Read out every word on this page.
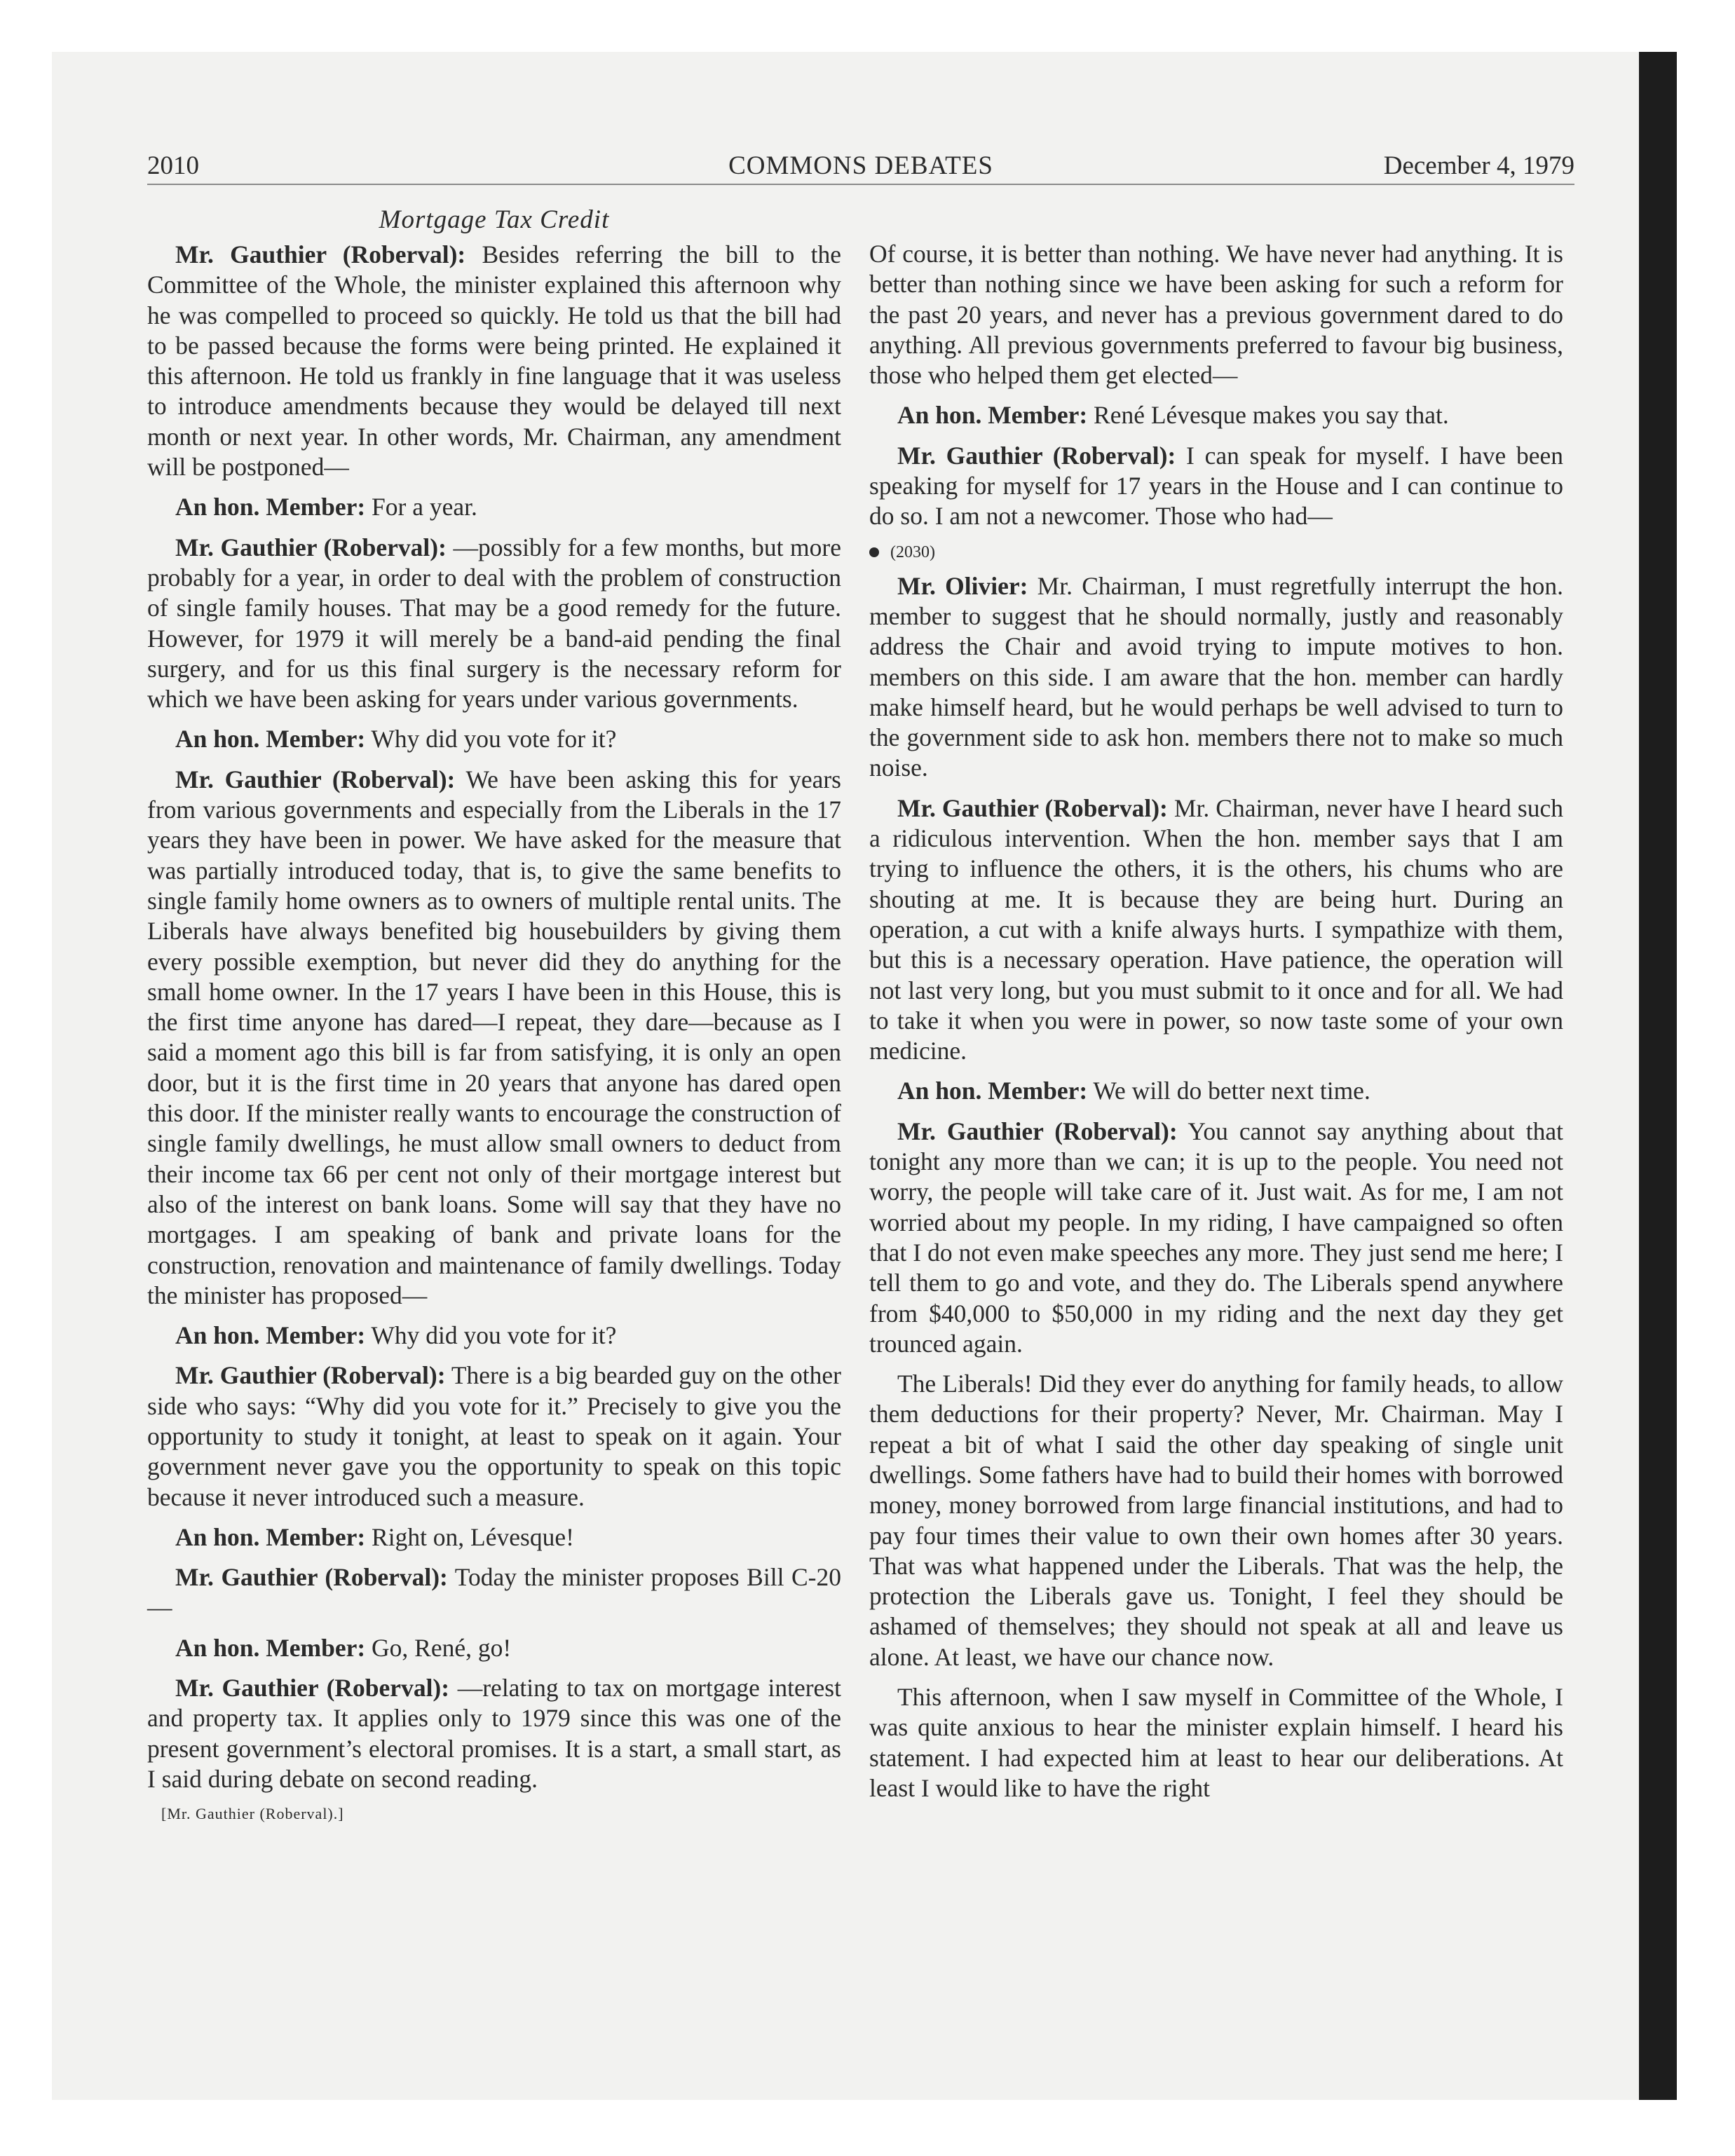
2010	COMMONS DEBATES	December 4, 1979
Mortgage Tax Credit

Mr. Gauthier (Roberval): Besides referring the bill to the Committee of the Whole, the minister explained this afternoon why he was compelled to proceed so quickly. He told us that the bill had to be passed because the forms were being printed. He explained it this afternoon. He told us frankly in fine language that it was useless to introduce amendments because they would be delayed till next month or next year. In other words, Mr. Chairman, any amendment will be postponed—

An hon. Member: For a year.

Mr. Gauthier (Roberval): —possibly for a few months, but more probably for a year, in order to deal with the problem of construction of single family houses. That may be a good remedy for the future. However, for 1979 it will merely be a band-aid pending the final surgery, and for us this final surgery is the necessary reform for which we have been asking for years under various governments.

An hon. Member: Why did you vote for it?

Mr. Gauthier (Roberval): We have been asking this for years from various governments and especially from the Liberals in the 17 years they have been in power. We have asked for the measure that was partially introduced today, that is, to give the same benefits to single family home owners as to owners of multiple rental units. The Liberals have always benefited big housebuilders by giving them every possible exemption, but never did they do anything for the small home owner. In the 17 years I have been in this House, this is the first time anyone has dared—I repeat, they dare—because as I said a moment ago this bill is far from satisfying, it is only an open door, but it is the first time in 20 years that anyone has dared open this door. If the minister really wants to encourage the construction of single family dwellings, he must allow small owners to deduct from their income tax 66 per cent not only of their mortgage interest but also of the interest on bank loans. Some will say that they have no mortgages. I am speaking of bank and private loans for the construction, renovation and maintenance of family dwellings. Today the minister has proposed—

An hon. Member: Why did you vote for it?

Mr. Gauthier (Roberval): There is a big bearded guy on the other side who says: “Why did you vote for it.” Precisely to give you the opportunity to study it tonight, at least to speak on it again. Your government never gave you the opportunity to speak on this topic because it never introduced such a measure.

An hon. Member: Right on, Lévesque!

Mr. Gauthier (Roberval): Today the minister proposes Bill C-20—

An hon. Member: Go, René, go!

Mr. Gauthier (Roberval): —relating to tax on mortgage interest and property tax. It applies only to 1979 since this was one of the present government’s electoral promises. It is a start, a small start, as I said during debate on second reading.

[Mr. Gauthier (Roberval).]

Of course, it is better than nothing. We have never had anything. It is better than nothing since we have been asking for such a reform for the past 20 years, and never has a previous government dared to do anything. All previous governments preferred to favour big business, those who helped them get elected—

An hon. Member: René Lévesque makes you say that.

Mr. Gauthier (Roberval): I can speak for myself. I have been speaking for myself for 17 years in the House and I can continue to do so. I am not a newcomer. Those who had—

(2030)

Mr. Olivier: Mr. Chairman, I must regretfully interrupt the hon. member to suggest that he should normally, justly and reasonably address the Chair and avoid trying to impute motives to hon. members on this side. I am aware that the hon. member can hardly make himself heard, but he would perhaps be well advised to turn to the government side to ask hon. members there not to make so much noise.

Mr. Gauthier (Roberval): Mr. Chairman, never have I heard such a ridiculous intervention. When the hon. member says that I am trying to influence the others, it is the others, his chums who are shouting at me. It is because they are being hurt. During an operation, a cut with a knife always hurts. I sympathize with them, but this is a necessary operation. Have patience, the operation will not last very long, but you must submit to it once and for all. We had to take it when you were in power, so now taste some of your own medicine.

An hon. Member: We will do better next time.

Mr. Gauthier (Roberval): You cannot say anything about that tonight any more than we can; it is up to the people. You need not worry, the people will take care of it. Just wait. As for me, I am not worried about my people. In my riding, I have campaigned so often that I do not even make speeches any more. They just send me here; I tell them to go and vote, and they do. The Liberals spend anywhere from $40,000 to $50,000 in my riding and the next day they get trounced again.

The Liberals! Did they ever do anything for family heads, to allow them deductions for their property? Never, Mr. Chairman. May I repeat a bit of what I said the other day speaking of single unit dwellings. Some fathers have had to build their homes with borrowed money, money borrowed from large financial institutions, and had to pay four times their value to own their own homes after 30 years. That was what happened under the Liberals. That was the help, the protection the Liberals gave us. Tonight, I feel they should be ashamed of themselves; they should not speak at all and leave us alone. At least, we have our chance now.

This afternoon, when I saw myself in Committee of the Whole, I was quite anxious to hear the minister explain himself. I heard his statement. I had expected him at least to hear our deliberations. At least I would like to have the right
